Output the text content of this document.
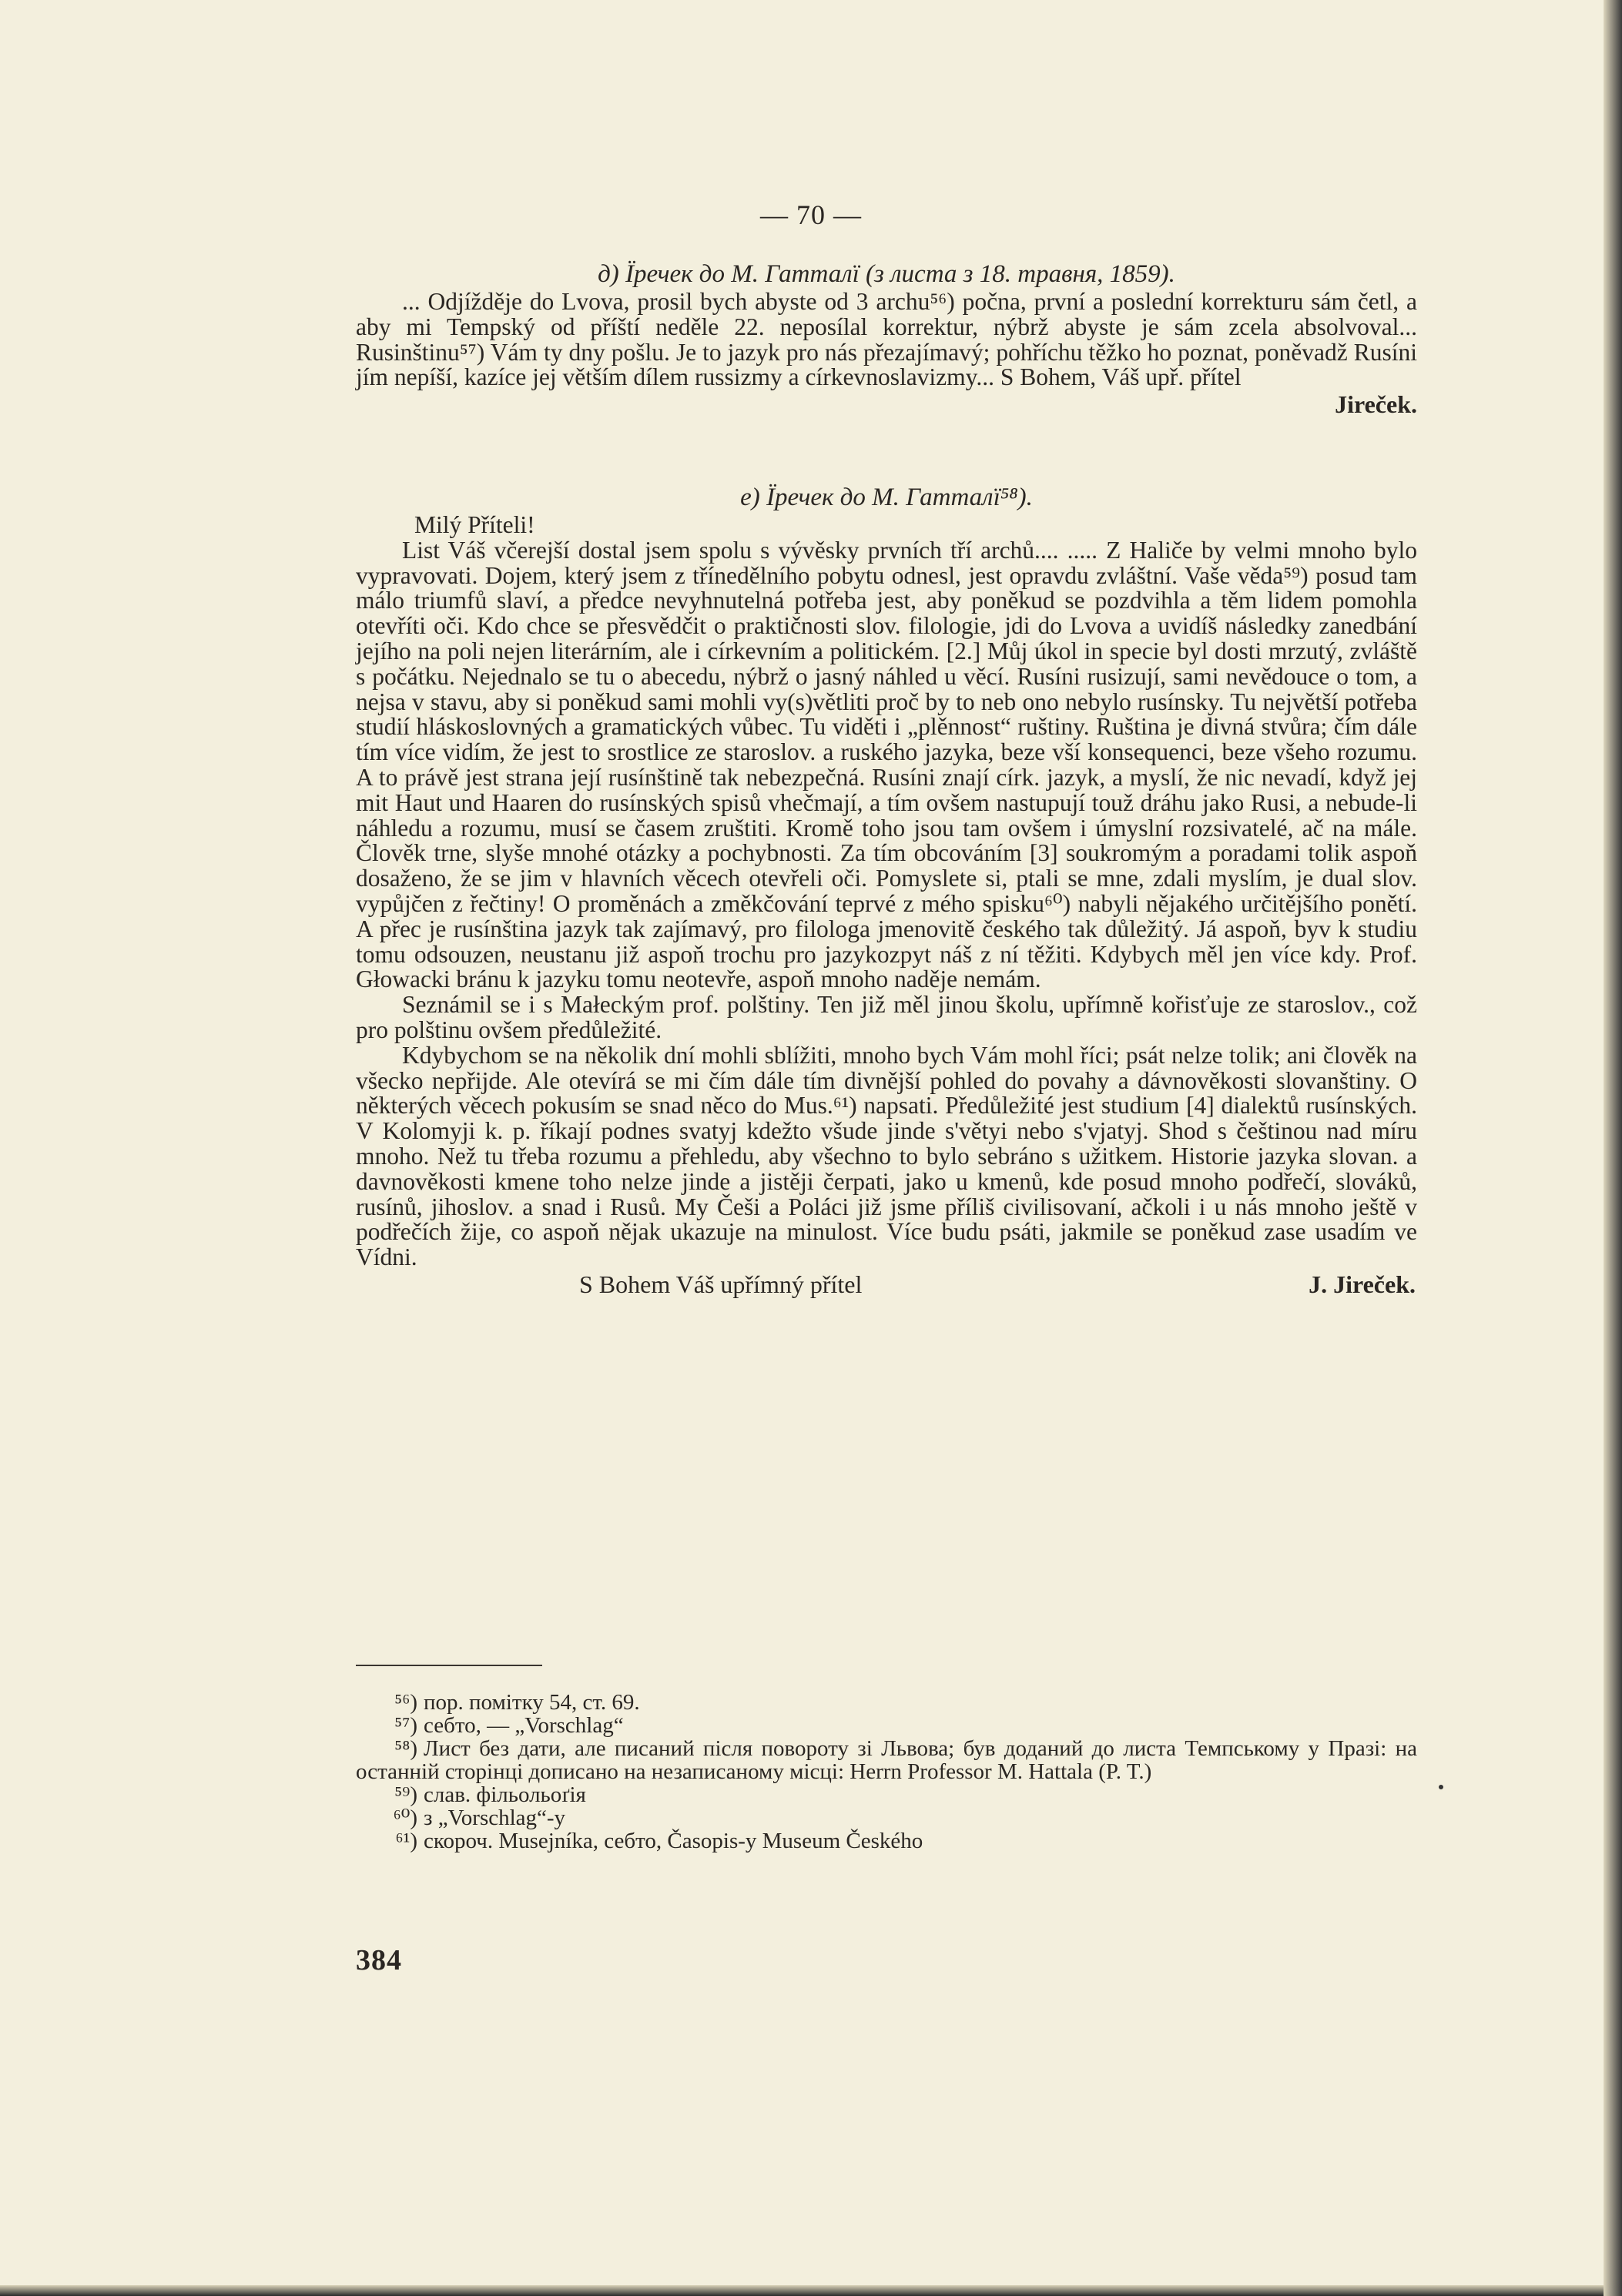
— 70 —

д) Їречек до М. Гатталї (з листа з 18. травня, 1859).

... Odjížděje do Lvova, prosil bych abyste od 3 archu⁵⁶) počna, první a poslední korrekturu sám četl, a aby mi Tempský od příští neděle 22. neposílal korrektur, nýbrž abyste je sám zcela absolvoval... Rusinštinu⁵⁷) Vám ty dny pošlu. Je to jazyk pro nás přezajímavý; pohříchu těžko ho poznat, poněvadž Rusíni jím nepíší, kazíce jej větším dílem russizmy a církevnoslavizmy... S Bohem, Váš upř. přítel

Jireček.

е) Їречек до М. Гатталї⁵⁸).

Milý Příteli!

List Váš včerejší dostal jsem spolu s vývěsky prvních tří archů.... ..... Z Haliče by velmi mnoho bylo vypravovati. Dojem, který jsem z třínedělního pobytu odnesl, jest opravdu zvláštní. Vaše věda⁵⁹) posud tam málo triumfů slaví, a předce nevyhnutelná potřeba jest, aby poněkud se pozdvihla a těm lidem pomohla otevříti oči. Kdo chce se přesvědčit o praktičnosti slov. filologie, jdi do Lvova a uvidíš následky zanedbání jejího na poli nejen literárním, ale i církevním a politickém. [2.] Můj úkol in specie byl dosti mrzutý, zvláště s počátku. Nejednalo se tu o abecedu, nýbrž o jasný náhled u věcí. Rusíni rusizují, sami nevědouce o tom, a nejsa v stavu, aby si poněkud sami mohli vy(s)větliti proč by to neb ono nebylo rusínsky. Tu největší potřeba studií hláskoslovných a gramatických vůbec. Tu viděti i „plěnnost“ ruštiny. Ruština je divná stvůra; čím dále tím více vidím, že jest to srostlice ze staroslov. a ruského jazyka, beze vší konsequenci, beze všeho rozumu. A to právě jest strana její rusínštině tak nebezpečná. Rusíni znají círk. jazyk, a myslí, že nic nevadí, když jej mit Haut und Haaren do rusínských spisů vhečmají, a tím ovšem nastupují touž dráhu jako Rusi, a nebude-li náhledu a rozumu, musí se časem zruštiti. Kromě toho jsou tam ovšem i úmyslní rozsivatelé, ač na mále. Člověk trne, slyše mnohé otázky a pochybnosti. Za tím obcováním [3] soukromým a poradami tolik aspoň dosaženo, že se jim v hlavních věcech otevřeli oči. Pomyslete si, ptali se mne, zdali myslím, je dual slov. vypůjčen z řečtiny! O proměnách a změkčování teprvé z mého spisku⁶⁰) nabyli nějakého určitějšího ponětí. A přec je rusínština jazyk tak zajímavý, pro filologa jmenovitě českého tak důležitý. Já aspoň, byv k studiu tomu odsouzen, neustanu již aspoň trochu pro jazykozpyt náš z ní těžiti. Kdybych měl jen více kdy. Prof. Głowacki bránu k jazyku tomu neotevře, aspoň mnoho naděje nemám.

Seznámil se i s Małeckým prof. polštiny. Ten již měl jinou školu, upřímně kořisťuje ze staroslov., což pro polštinu ovšem předůležité.

Kdybychom se na několik dní mohli sblížiti, mnoho bych Vám mohl říci; psát nelze tolik; ani člověk na všecko nepřijde. Ale otevírá se mi čím dále tím divnější pohled do povahy a dávnověkosti slovanštiny. O některých věcech pokusím se snad něco do Mus.⁶¹) napsati. Předůležité jest studium [4] dialektů rusínských. V Kolomyji k. p. říkají podnes svatyj kdežto všude jinde s'větyi nebo s'vjatyj. Shod s češtinou nad míru mnoho. Než tu třeba rozumu a přehledu, aby všechno to bylo sebráno s užitkem. Historie jazyka slovan. a davnověkosti kmene toho nelze jinde a jistěji čerpati, jako u kmenů, kde posud mnoho podřečí, slováků, rusínů, jihoslov. a snad i Rusů. My Češi a Poláci již jsme příliš civilisovaní, ačkoli i u nás mnoho ještě v podřečích žije, co aspoň nějak ukazuje na minulost. Více budu psáti, jakmile se poněkud zase usadím ve Vídni.

S Bohem Váš upřímný přítel	J. Jireček.

⁵⁶) пор. помітку 54, ст. 69.

⁵⁷) себто, — „Vorschlag“

⁵⁸) Лист без дати, але писаний після повороту зі Львова; був доданий до листа Темпському у Празі: на останній сторінці дописано на незаписаному місці: Herrn Professor M. Hattala (P. T.)

⁵⁹) слав. фільольоґія

⁶⁰) з „Vorschlag“-у

⁶¹) скороч. Musejníka, себто, Časopis-у Museum Českého

384
